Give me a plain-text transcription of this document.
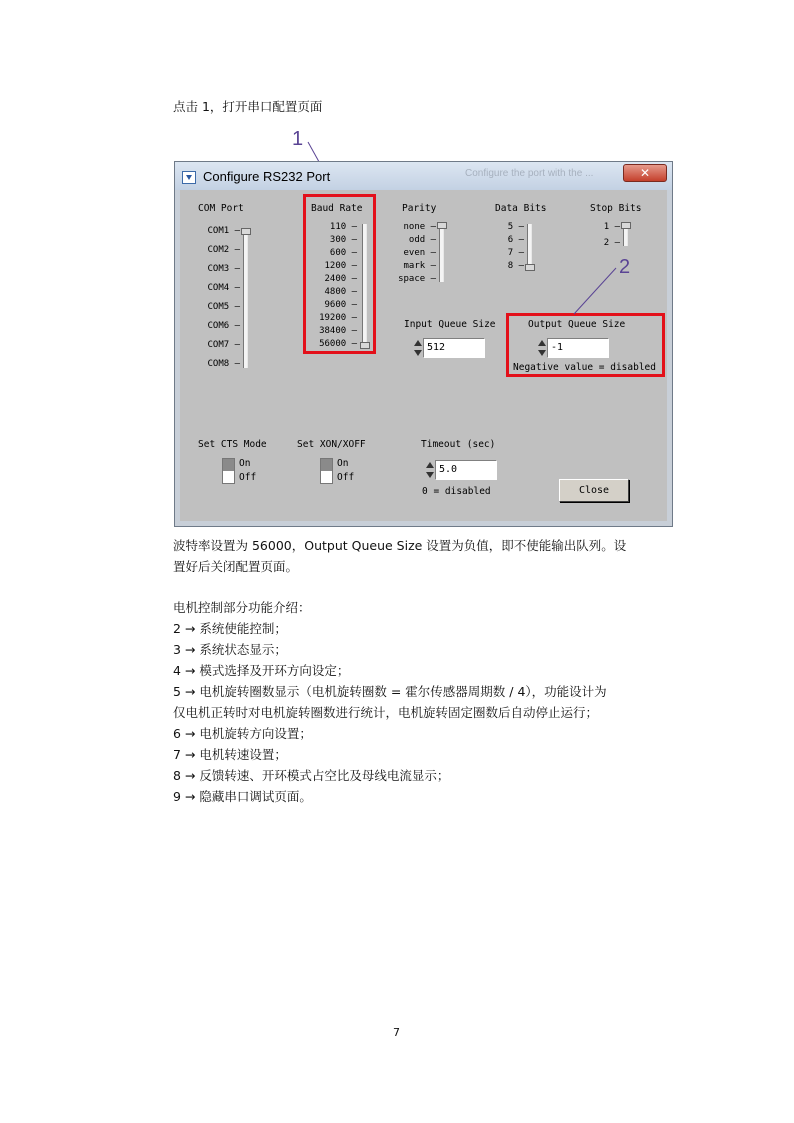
点击 1，打开串口配置页面
1
Configure RS232 Port	Configure the port with the ...	✕
COM Port
COM1 –
COM2 –
COM3 –
COM4 –
COM5 –
COM6 –
COM7 –
COM8 –
Baud Rate
110 –
300 –
600 –
1200 –
2400 –
4800 –
9600 –
19200 –
38400 –
56000 –
Parity
none –
odd –
even –
mark –
space –
Data Bits
5 –
6 –
7 –
8 –
Stop Bits
1 –
2 –
Input Queue Size
512
Output Queue Size
-1
Negative value = disabled
Set CTS Mode
On
Off
Set XON/XOFF
On
Off
Timeout (sec)
5.0
0 = disabled	Close
2
波特率设置为 56000，Output Queue Size 设置为负值，即不使能输出队列。设
置好后关闭配置页面。
电机控制部分功能介绍：
2 → 系统使能控制；
3 → 系统状态显示；
4 → 模式选择及开环方向设定；
5 → 电机旋转圈数显示（电机旋转圈数 = 霍尔传感器周期数 / 4），功能设计为
仅电机正转时对电机旋转圈数进行统计，电机旋转固定圈数后自动停止运行；
6 → 电机旋转方向设置；
7 → 电机转速设置；
8 → 反馈转速、开环模式占空比及母线电流显示；
9 → 隐藏串口调试页面。
7
